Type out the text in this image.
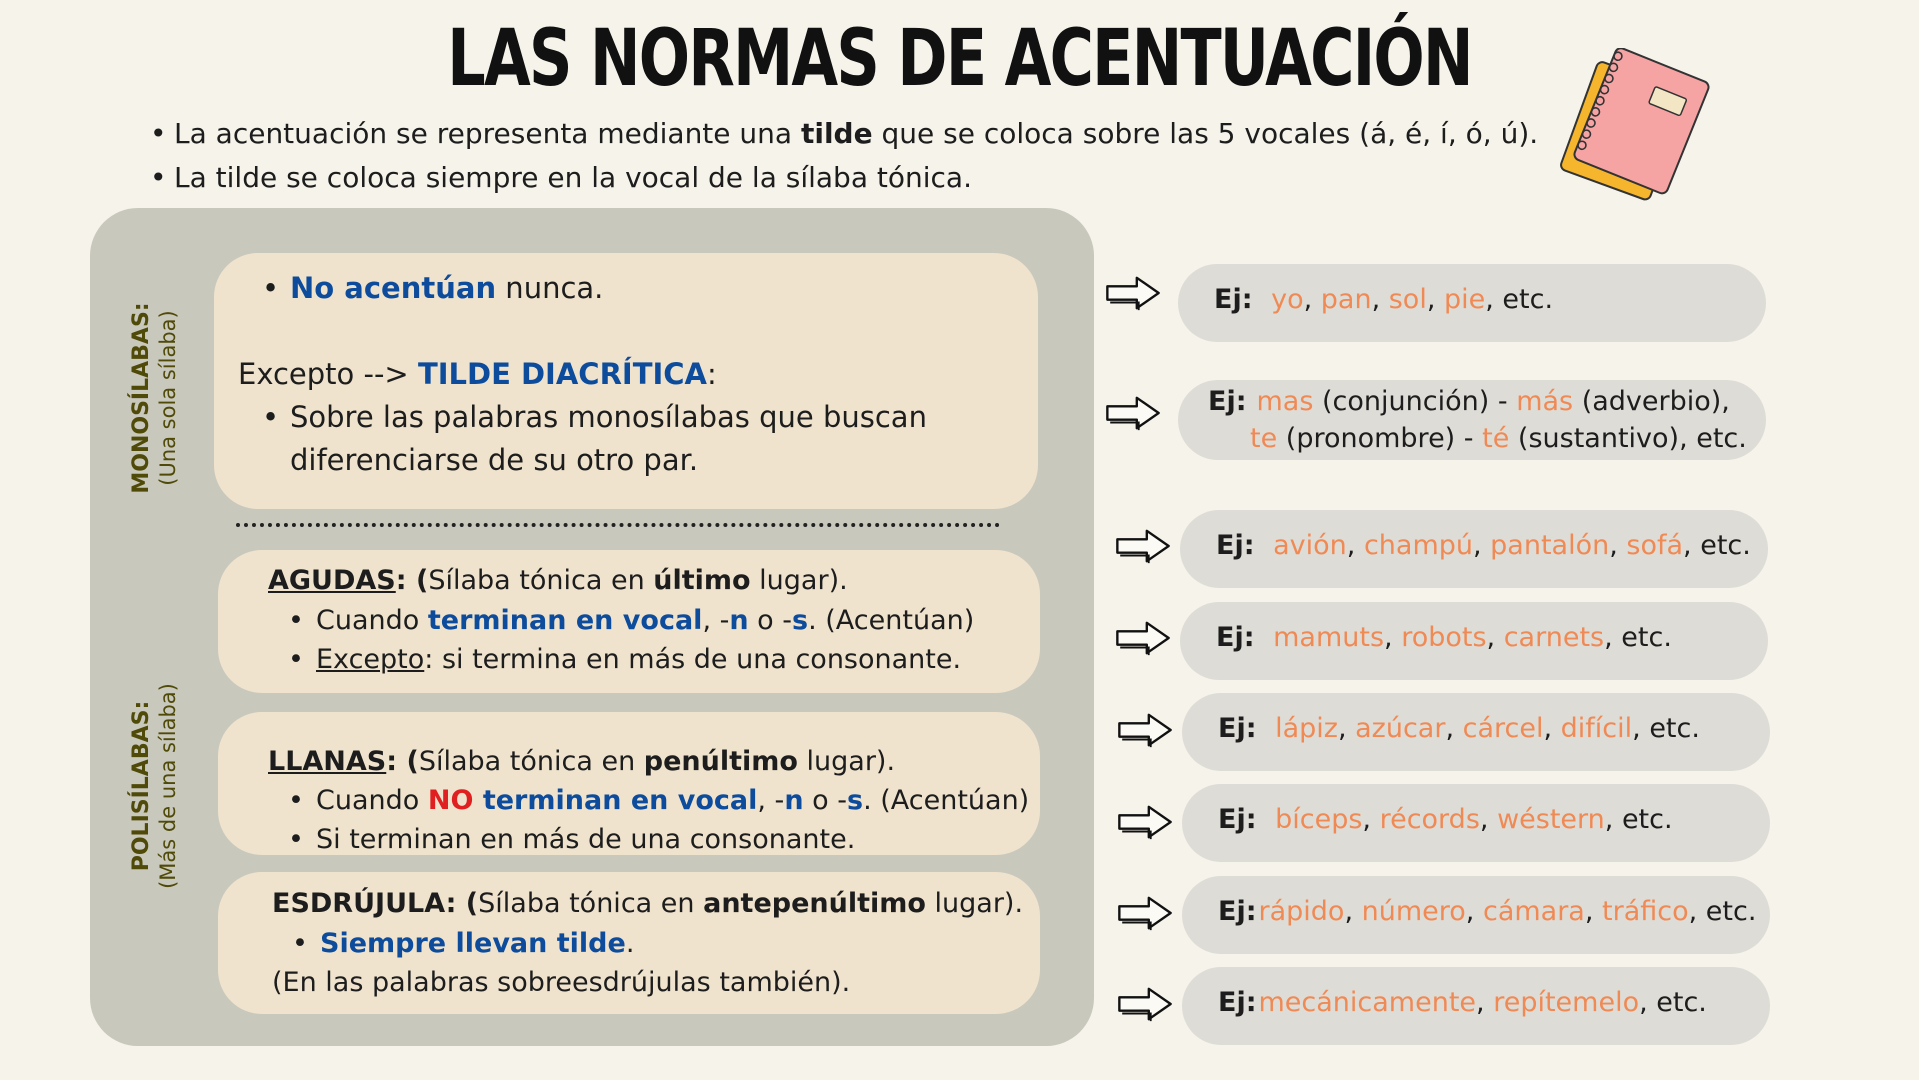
LAS NORMAS DE ACENTUACIÓN
• La acentuación se representa mediante una tilde que se coloca sobre las 5 vocales (á, é, í, ó, ú).
• La tilde se coloca siempre en la vocal de la sílaba tónica.
MONOSÍLABAS: (Una sola sílaba)
POLISÍLABAS: (Más de una sílaba)
• No acentúan nunca.
Excepto --> TILDE DIACRÍTICA:
• Sobre las palabras monosílabas que buscan diferenciarse de su otro par.
AGUDAS: (Sílaba tónica en último lugar).
• Cuando terminan en vocal, -n o -s. (Acentúan)
• Excepto: si termina en más de una consonante.
LLANAS: (Sílaba tónica en penúltimo lugar).
• Cuando NO terminan en vocal, -n o -s. (Acentúan)
• Si terminan en más de una consonante.
ESDRÚJULA: (Sílaba tónica en antepenúltimo lugar).
• Siempre llevan tilde.
(En las palabras sobreesdrújulas también).
Ej: yo, pan, sol, pie, etc.
Ej: mas (conjunción) - más (adverbio),
te (pronombre) - té (sustantivo), etc.
Ej: avión, champú, pantalón, sofá, etc.
Ej: mamuts, robots, carnets, etc.
Ej: lápiz, azúcar, cárcel, difícil, etc.
Ej: bíceps, récords, wéstern, etc.
Ej:rápido, número, cámara, tráfico, etc.
Ej:mecánicamente, repítemelo, etc.
